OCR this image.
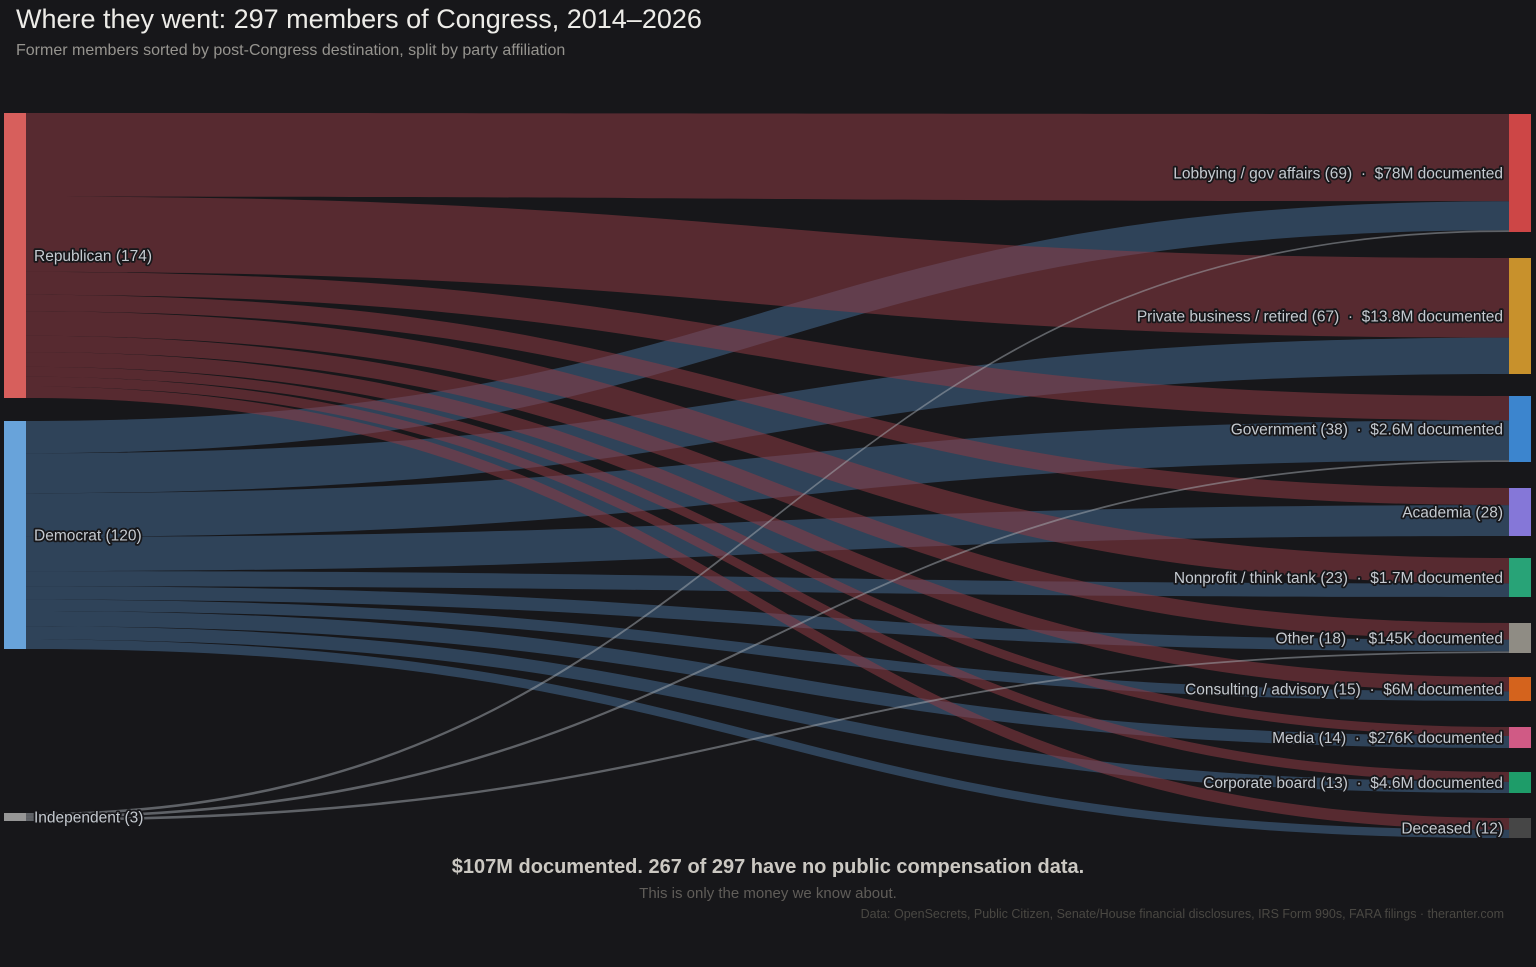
Republican (174)
Democrat (120)
Independent (3)
Lobbying / gov affairs (69)  ·  $78M documented
Private business / retired (67)  ·  $13.8M documented
Government (38)  ·  $2.6M documented
Academia (28)
Nonprofit / think tank (23)  ·  $1.7M documented
Other (18)  ·  $145K documented
Consulting / advisory (15)  ·  $6M documented
Media (14)  ·  $276K documented
Corporate board (13)  ·  $4.6M documented
Deceased (12)
Where they went: 297 members of Congress, 2014–2026
Former members sorted by post-Congress destination, split by party affiliation
$107M documented. 267 of 297 have no public compensation data.
This is only the money we know about.
Data: OpenSecrets, Public Citizen, Senate/House financial disclosures, IRS Form 990s, FARA filings · theranter.com
